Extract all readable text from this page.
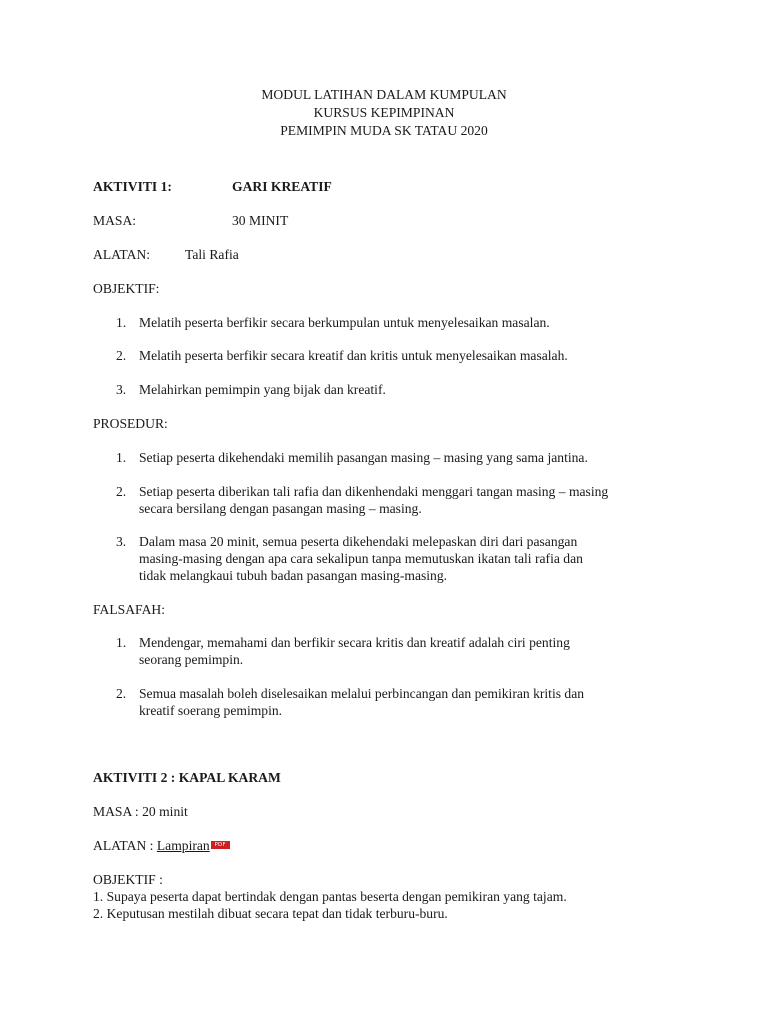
MODUL LATIHAN DALAM KUMPULAN
KURSUS KEPIMPINAN
PEMIMPIN MUDA SK TATAU 2020
AKTIVITI 1:	GARI KREATIF
MASA:	30 MINIT
ALATAN:	Tali Rafia
OBJEKTIF:
1. Melatih peserta berfikir secara berkumpulan untuk menyelesaikan masalan.
2. Melatih peserta berfikir secara kreatif dan kritis untuk menyelesaikan masalah.
3. Melahirkan pemimpin yang bijak dan kreatif.
PROSEDUR:
1. Setiap peserta dikehendaki memilih pasangan masing – masing yang sama jantina.
2. Setiap peserta diberikan tali rafia dan dikenhendaki menggari tangan masing – masing
secara bersilang dengan pasangan masing – masing.
3. Dalam masa 20 minit, semua peserta dikehendaki melepaskan diri dari pasangan
masing-masing dengan apa cara sekalipun tanpa memutuskan ikatan tali rafia dan
tidak melangkaui tubuh badan pasangan masing-masing.
FALSAFAH:
1. Mendengar, memahami dan berfikir secara kritis dan kreatif adalah ciri penting
seorang pemimpin.
2. Semua masalah boleh diselesaikan melalui perbincangan dan pemikiran kritis dan
kreatif soerang pemimpin.
AKTIVITI 2 : KAPAL KARAM
MASA : 20 minit
ALATAN : Lampiran PDF
OBJEKTIF :
1. Supaya peserta dapat bertindak dengan pantas beserta dengan pemikiran yang tajam.
2. Keputusan mestilah dibuat secara tepat dan tidak terburu-buru.
